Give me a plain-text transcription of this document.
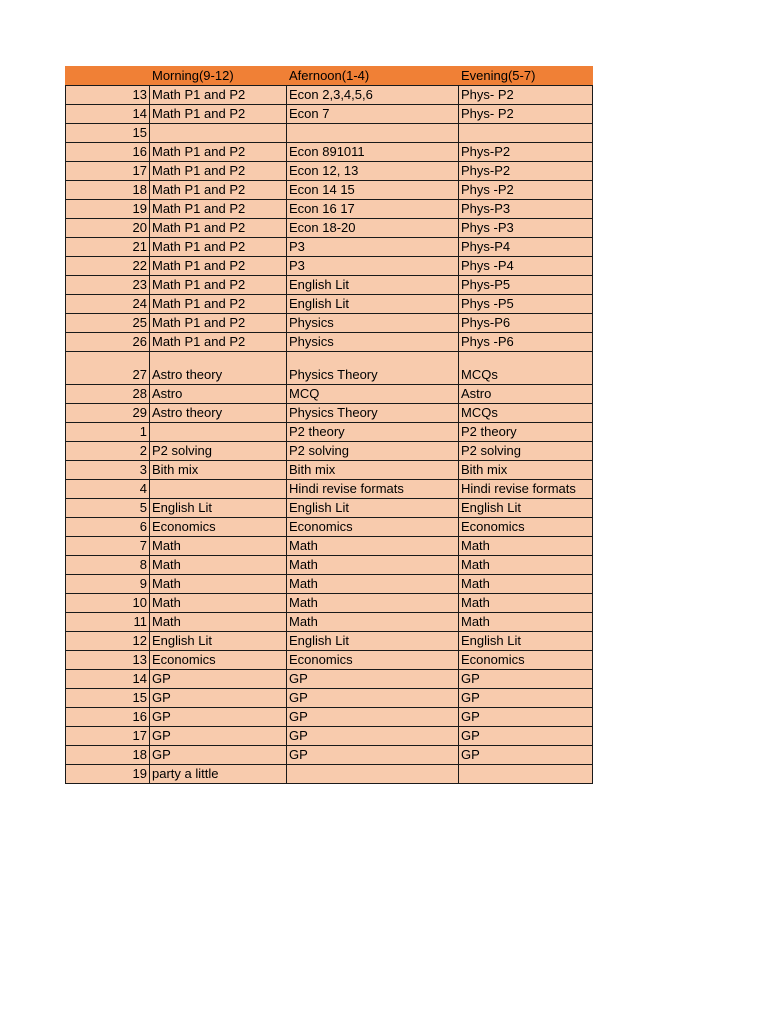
	Morning(9-12)	Afernoon(1-4)	Evening(5-7)
13	Math P1 and P2	Econ 2,3,4,5,6	Phys- P2
14	Math P1 and P2	Econ 7	Phys- P2
15			
16	Math P1 and P2	Econ 891011	Phys-P2
17	Math P1 and P2	Econ 12, 13	Phys-P2
18	Math P1 and P2	Econ 14 15	Phys -P2
19	Math P1 and P2	Econ 16 17	Phys-P3
20	Math P1 and P2	Econ 18-20	Phys -P3
21	Math P1 and P2	P3	Phys-P4
22	Math P1 and P2	P3	Phys -P4
23	Math P1 and P2	English Lit	Phys-P5
24	Math P1 and P2	English Lit	Phys -P5
25	Math P1 and P2	Physics	Phys-P6
26	Math P1 and P2	Physics	Phys -P6
27	Astro theory	Physics Theory	MCQs
28	Astro	MCQ	Astro
29	Astro theory	Physics Theory	MCQs
1		P2 theory	P2 theory
2	P2 solving	P2 solving	P2 solving
3	Bith mix	Bith mix	Bith mix
4		Hindi revise formats	Hindi revise formats
5	English Lit	English Lit	English Lit
6	Economics	Economics	Economics
7	Math	Math	Math
8	Math	Math	Math
9	Math	Math	Math
10	Math	Math	Math
11	Math	Math	Math
12	English Lit	English Lit	English Lit
13	Economics	Economics	Economics
14	GP	GP	GP
15	GP	GP	GP
16	GP	GP	GP
17	GP	GP	GP
18	GP	GP	GP
19	party a little		
